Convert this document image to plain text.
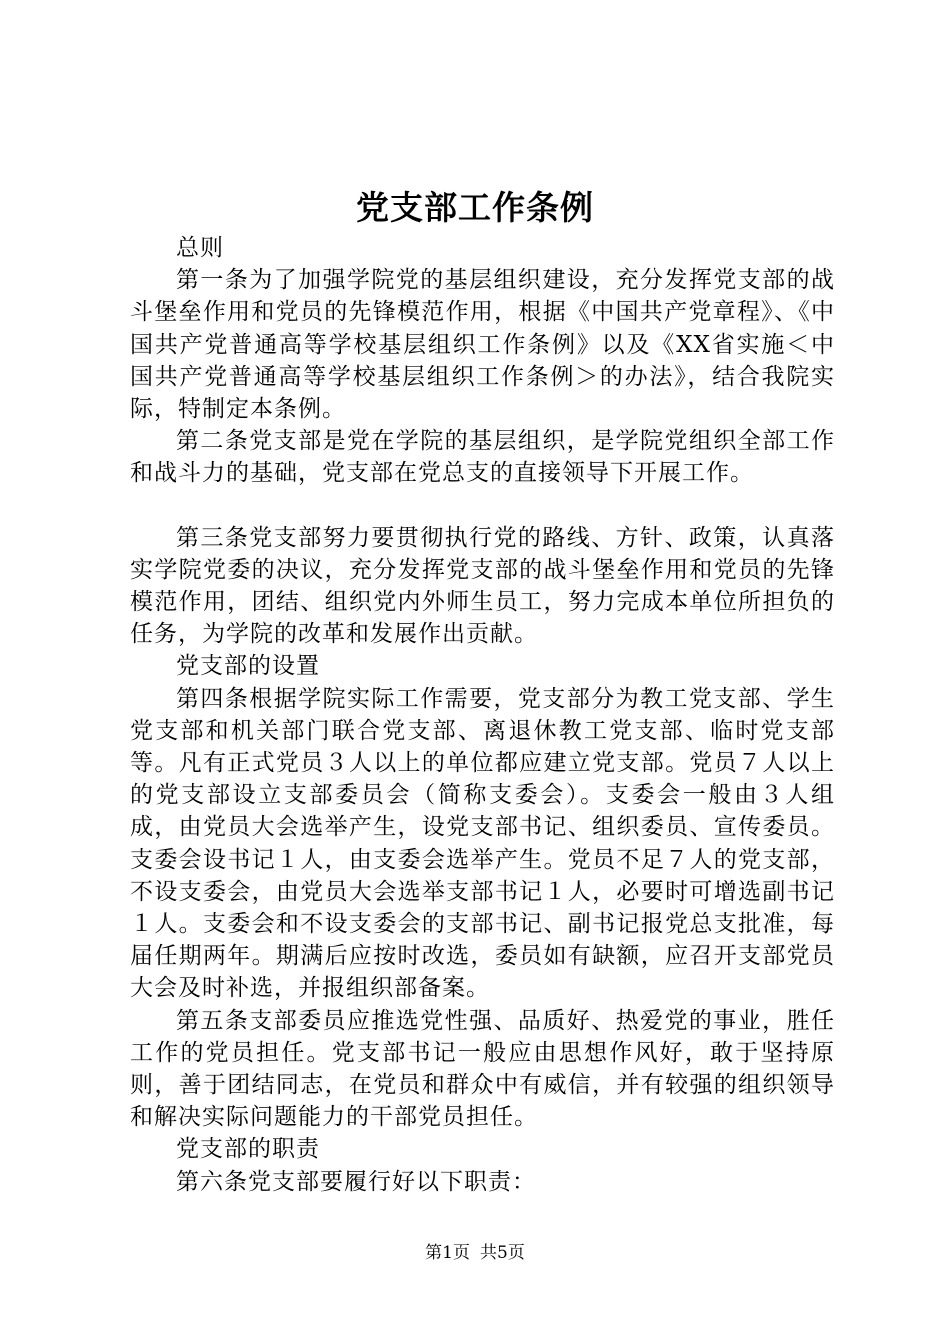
党支部工作条例

总则

第一条为了加强学院党的基层组织建设，充分发挥党支部的战斗堡垒作用和党员的先锋模范作用，根据《中国共产党章程》、《中国共产党普通高等学校基层组织工作条例》以及《XX省实施＜中国共产党普通高等学校基层组织工作条例＞的办法》，结合我院实际，特制定本条例。

第二条党支部是党在学院的基层组织，是学院党组织全部工作和战斗力的基础，党支部在党总支的直接领导下开展工作。

第三条党支部努力要贯彻执行党的路线、方针、政策，认真落实学院党委的决议，充分发挥党支部的战斗堡垒作用和党员的先锋模范作用，团结、组织党内外师生员工，努力完成本单位所担负的任务，为学院的改革和发展作出贡献。

党支部的设置

第四条根据学院实际工作需要，党支部分为教工党支部、学生党支部和机关部门联合党支部、离退休教工党支部、临时党支部等。凡有正式党员３人以上的单位都应建立党支部。党员７人以上的党支部设立支部委员会（简称支委会）。支委会一般由３人组成，由党员大会选举产生，设党支部书记、组织委员、宣传委员。支委会设书记１人，由支委会选举产生。党员不足７人的党支部，不设支委会，由党员大会选举支部书记１人，必要时可增选副书记１人。支委会和不设支委会的支部书记、副书记报党总支批准，每届任期两年。期满后应按时改选，委员如有缺额，应召开支部党员大会及时补选，并报组织部备案。

第五条支部委员应推选党性强、品质好、热爱党的事业，胜任工作的党员担任。党支部书记一般应由思想作风好，敢于坚持原则，善于团结同志，在党员和群众中有威信，并有较强的组织领导和解决实际问题能力的干部党员担任。

党支部的职责

第六条党支部要履行好以下职责：

第1页 共5页
